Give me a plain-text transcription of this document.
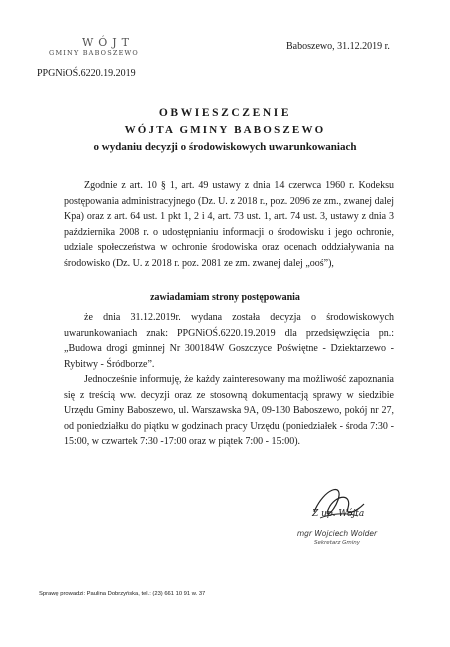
WÓJT
GMINY BABOSZEWO
PPGNiOŚ.6220.19.2019
Baboszewo, 31.12.2019 r.
OBWIESZCZENIE
WÓJTA GMINY BABOSZEWO
o wydaniu decyzji o środowiskowych uwarunkowaniach
Zgodnie z art. 10 § 1, art. 49 ustawy z dnia 14 czerwca 1960 r. Kodeksu postępowania administracyjnego (Dz. U. z 2018 r., poz. 2096 ze zm., zwanej dalej Kpa) oraz z art. 64 ust. 1 pkt 1, 2 i 4, art. 73 ust. 1, art. 74 ust. 3, ustawy z dnia 3 października 2008 r. o udostępnianiu informacji o środowisku i jego ochronie, udziale społeczeństwa w ochronie środowiska oraz ocenach oddziaływania na środowisko (Dz. U. z 2018 r. poz. 2081 ze zm. zwanej dalej „ooś”),
zawiadamiam strony postępowania
że dnia 31.12.2019r. wydana została decyzja o środowiskowych uwarunkowaniach znak: PPGNiOŚ.6220.19.2019 dla przedsięwzięcia pn.: „Budowa drogi gminnej Nr 300184W Goszczyce Poświętne - Dziektarzewo - Rybitwy - Śródborze”.
Jednocześnie informuję, że każdy zainteresowany ma możliwość zapoznania się z treścią ww. decyzji oraz ze stosowną dokumentacją sprawy w siedzibie Urzędu Gminy Baboszewo, ul. Warszawska 9A, 09-130 Baboszewo, pokój nr 27, od poniedziałku do piątku w godzinach pracy Urzędu (poniedziałek - środa 7:30 - 15:00, w czwartek 7:30 -17:00 oraz w piątek 7:00 - 15:00).
Z up. Wójta
mgr Wojciech Wolder
Sekretarz Gminy
Sprawę prowadzi: Paulina Dobrzyńska, tel.: (23) 661 10 91 w. 37
